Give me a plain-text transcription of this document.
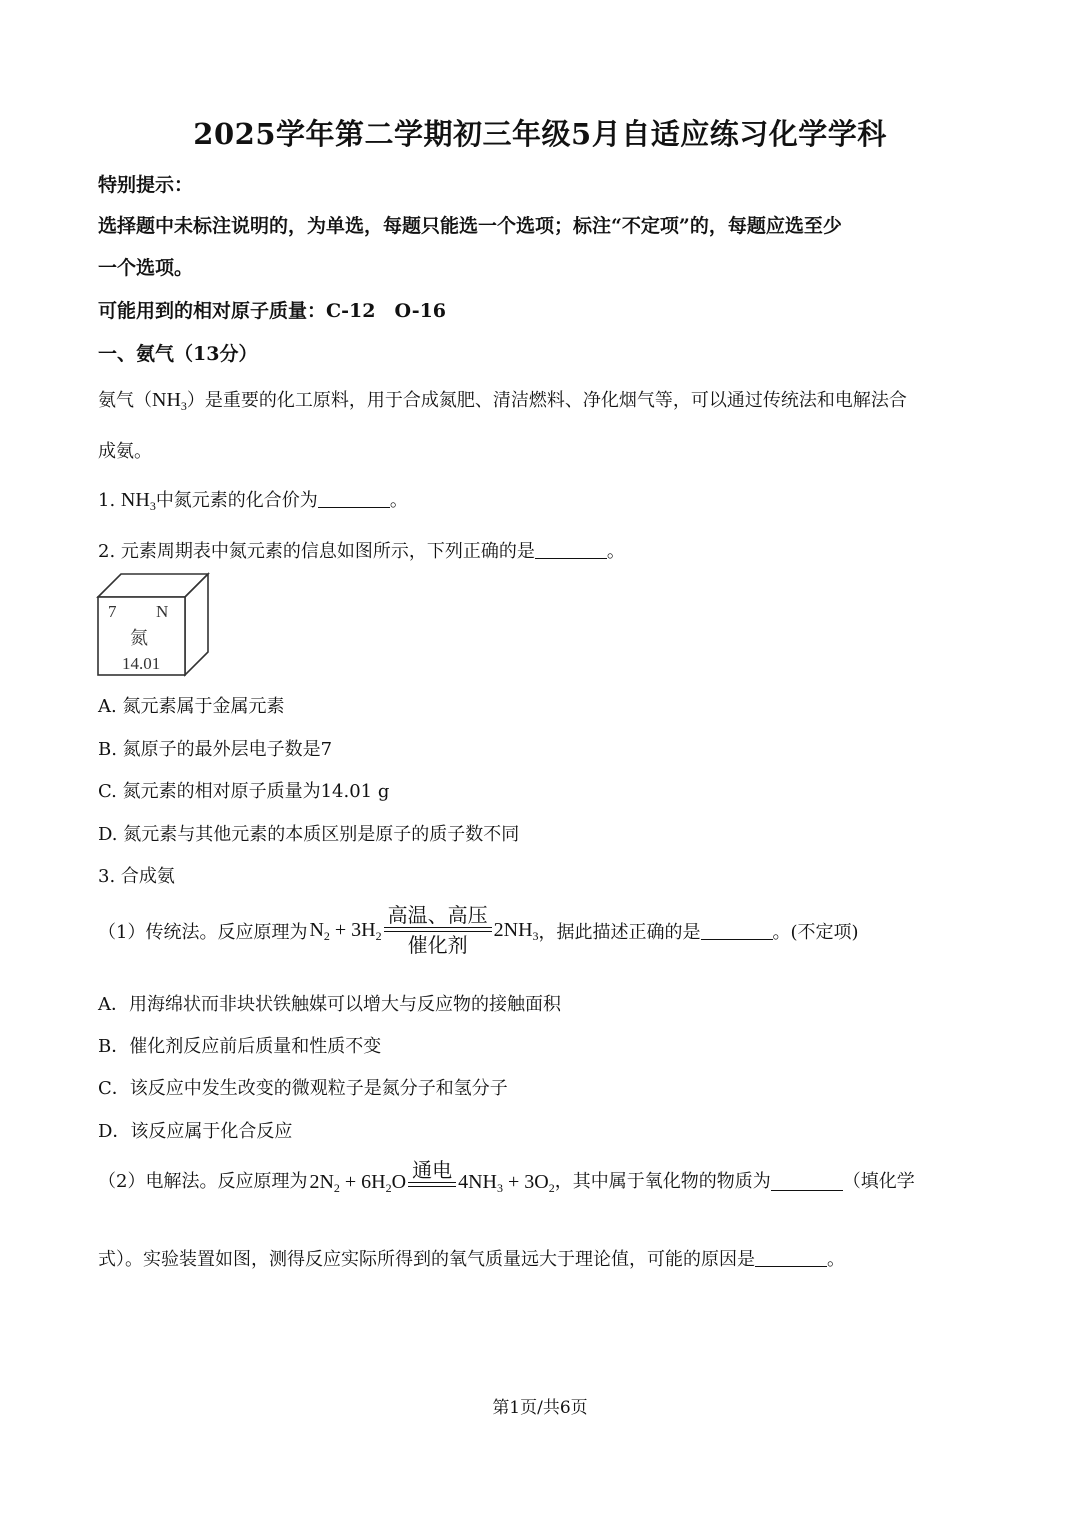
2025学年第二学期初三年级5月自适应练习化学学科
特别提示：
选择题中未标注说明的，为单选，每题只能选一个选项；标注“不定项”的，每题应选至少
一个选项。
可能用到的相对原子质量：C-12　O-16
一、氨气（13分）
氨气$(NH_3)$是重要的化工原料，用于合成氮肥、清洁燃料、净化烟气等，可以通过传统法和电解法合
成氨。
1. $NH_3$中氮元素的化合价为	。
2. 元素周期表中氮元素的信息如图所示，下列正确的是	。
7 N
氮
14.01
A. 氮元素属于金属元素
B. 氮原子的最外层电子数是7
C. 氮元素的相对原子质量为14.01 g
D. 氮元素与其他元素的本质区别是原子的质子数不同
3. 合成氨
（1）传统法。反应原理为 $N_2 + 3H_2$
高温、高压
催化剂
$2NH_3$ ，据此描述正确的是	。(不定项)
A．用海绵状而非块状铁触媒可以增大与反应物的接触面积
B．催化剂反应前后质量和性质不变
C．该反应中发生改变的微观粒子是氮分子和氢分子
D．该反应属于化合反应
（2）电解法。反应原理为 $2N_2 + 6H_2O$ 通电 $4NH_3 + 3O_2$ ，其中属于氧化物的物质为	（填化学
式）。实验装置如图，测得反应实际所得到的氧气质量远大于理论值，可能的原因是	。
第1页/共6页
